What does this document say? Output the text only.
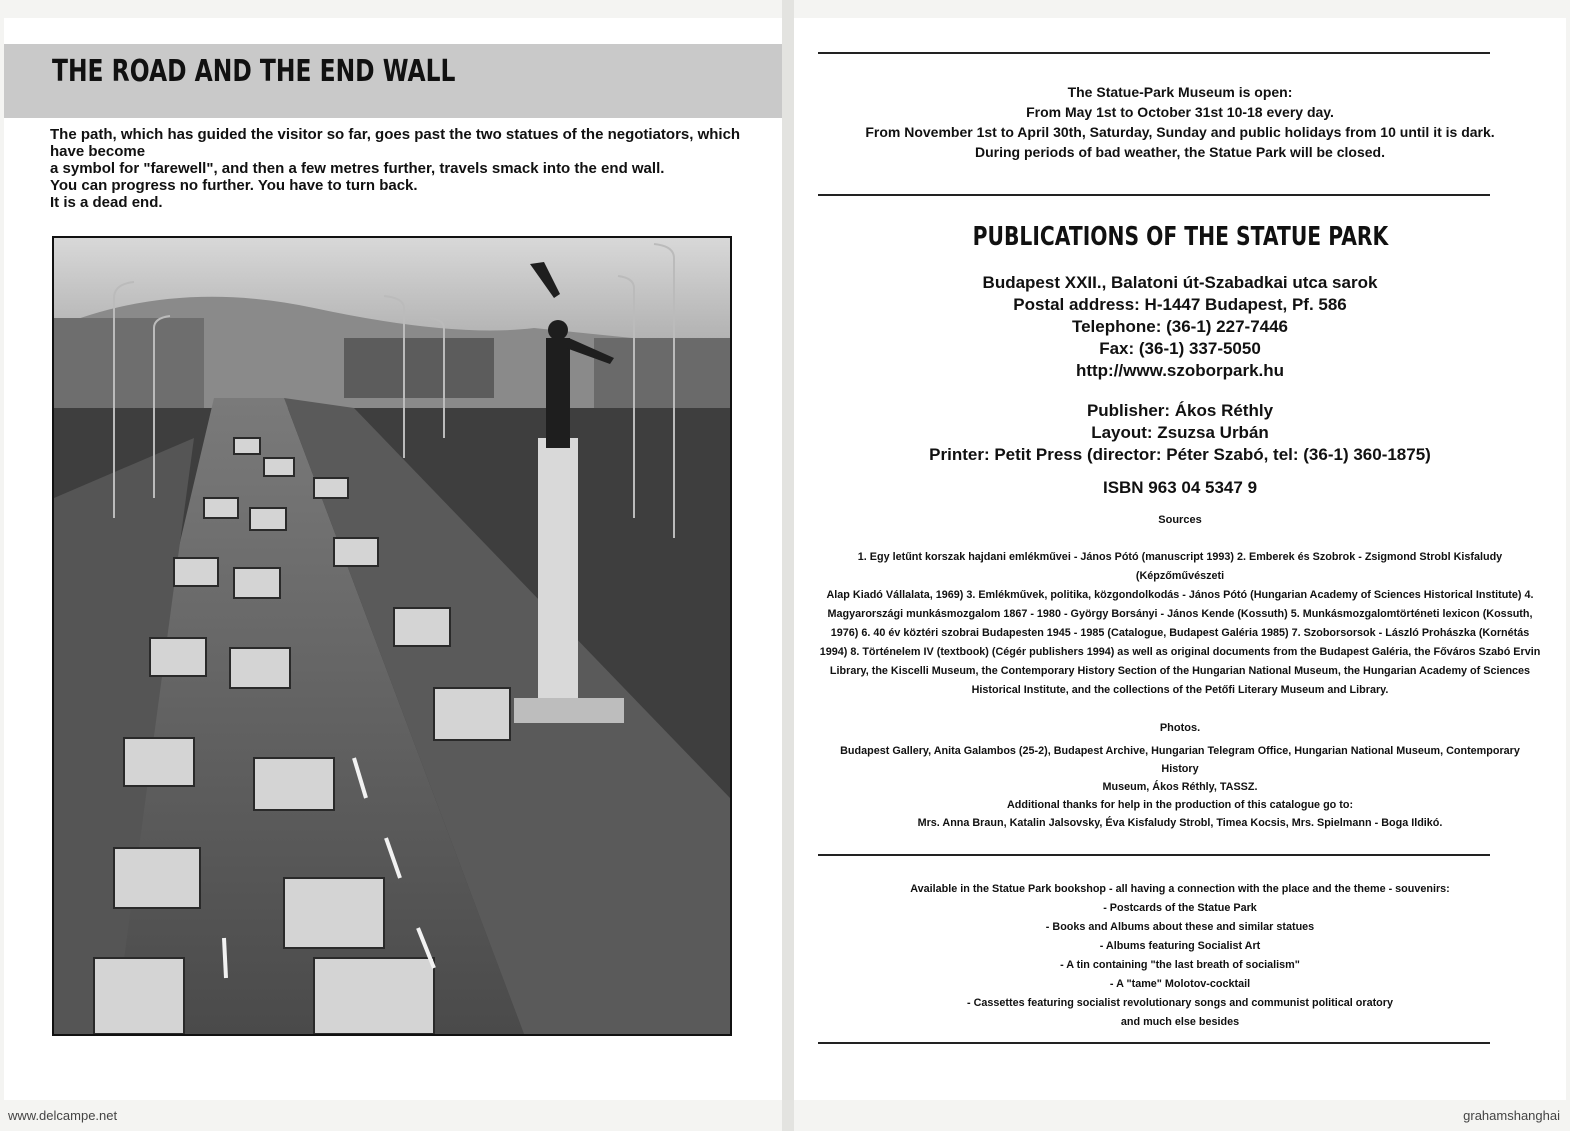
THE ROAD AND THE END WALL

The path, which has guided the visitor so far, goes past the two statues of the negotiators, which have become

a symbol for "farewell", and then a few metres further, travels smack into the end wall.

You can progress no further. You have to turn back.

It is a dead end.

The Statue-Park Museum is open:
From May 1st to October 31st 10-18 every day.
From November 1st to April 30th, Saturday, Sunday and public holidays from 10 until it is dark.
During periods of bad weather, the Statue Park will be closed.
PUBLICATIONS OF THE STATUE PARK
Budapest XXII., Balatoni út-Szabadkai utca sarok
Postal address: H-1447 Budapest, Pf. 586
Telephone: (36-1) 227-7446
Fax: (36-1) 337-5050
http://www.szoborpark.hu
Publisher: Ákos Réthly
Layout: Zsuzsa Urbán
Printer: Petit Press (director: Péter Szabó, tel: (36-1) 360-1875)
ISBN 963 04 5347 9
Sources
1. Egy letűnt korszak hajdani emlékművei - János Pótó (manuscript 1993) 2. Emberek és Szobrok - Zsigmond Strobl Kisfaludy (Képzőművészeti
Alap Kiadó Vállalata, 1969) 3. Emlékművek, politika, közgondolkodás - János Pótó (Hungarian Academy of Sciences Historical Institute) 4.
Magyarországi munkásmozgalom 1867 - 1980 - György Borsányi - János Kende (Kossuth) 5. Munkásmozgalomtörténeti lexicon (Kossuth,
1976) 6. 40 év köztéri szobrai Budapesten 1945 - 1985 (Catalogue, Budapest Galéria 1985) 7. Szoborsorsok - László Prohászka (Kornétás
1994) 8. Történelem IV (textbook) (Cégér publishers 1994) as well as original documents from the Budapest Galéria, the Főváros Szabó Ervin
Library, the Kiscelli Museum, the Contemporary History Section of the Hungarian National Museum, the Hungarian Academy of Sciences
Historical Institute, and the collections of the Petőfi Literary Museum and Library.
Photos.
Budapest Gallery, Anita Galambos (25-2), Budapest Archive, Hungarian Telegram Office, Hungarian National Museum, Contemporary History
Museum, Ákos Réthly, TASSZ.
Additional thanks for help in the production of this catalogue go to:
Mrs. Anna Braun, Katalin Jalsovsky, Éva Kisfaludy Strobl, Timea Kocsis, Mrs. Spielmann - Boga Ildikó.
Available in the Statue Park bookshop - all having a connection with the place and the theme - souvenirs:
- Postcards of the Statue Park
- Books and Albums about these and similar statues
- Albums featuring Socialist Art
- A tin containing "the last breath of socialism"
- A "tame" Molotov-cocktail
- Cassettes featuring socialist revolutionary songs and communist political oratory
and much else besides
www.delcampe.net	grahamshanghai
